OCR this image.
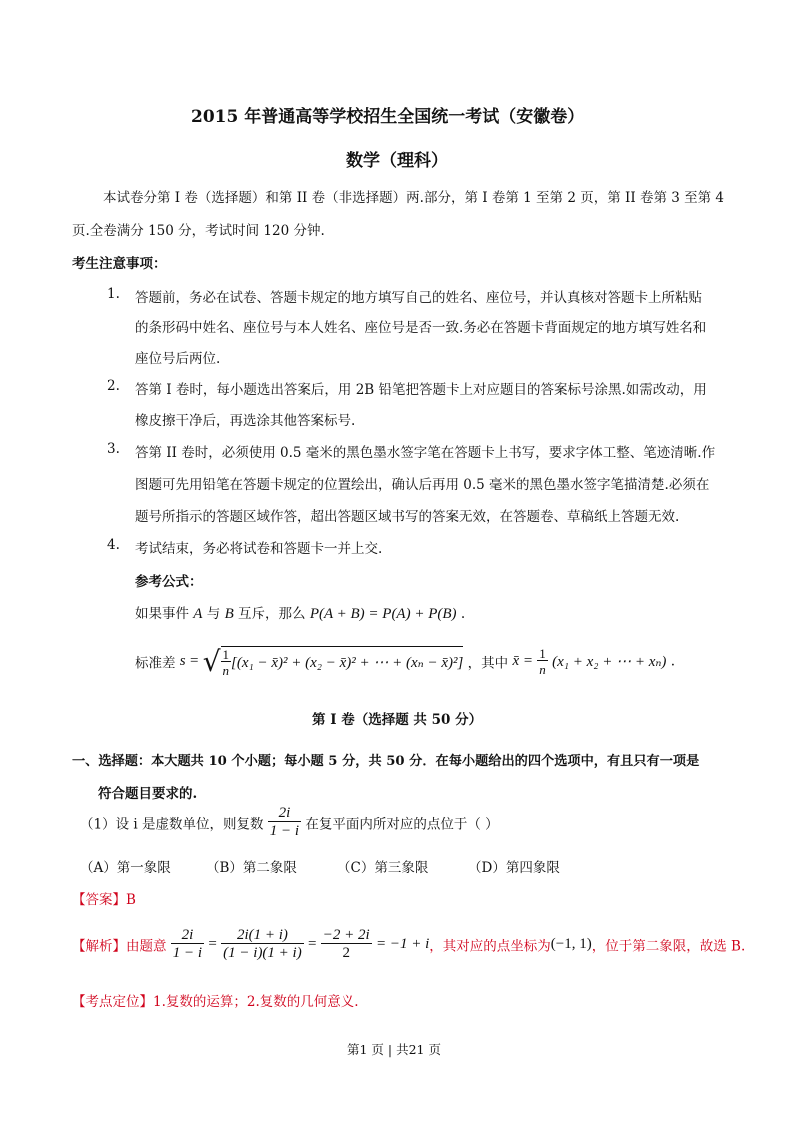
2015 年普通高等学校招生全国统一考试（安徽卷）
数学（理科）
本试卷分第 I 卷（选择题）和第 II 卷（非选择题）两.部分，第 I 卷第 1 至第 2 页，第 II 卷第 3 至第 4
页.全卷满分 150 分，考试时间 120 分钟.
考生注意事项：
1. 答题前，务必在试卷、答题卡规定的地方填写自己的姓名、座位号，并认真核对答题卡上所粘贴
的条形码中姓名、座位号与本人姓名、座位号是否一致.务必在答题卡背面规定的地方填写姓名和
座位号后两位.
2. 答第 I 卷时，每小题选出答案后，用 2B 铅笔把答题卡上对应题目的答案标号涂黑.如需改动，用
橡皮擦干净后，再选涂其他答案标号.
3. 答第 II 卷时，必须使用 0.5 毫米的黑色墨水签字笔在答题卡上书写，要求字体工整、笔迹清晰.作
图题可先用铅笔在答题卡规定的位置绘出，确认后再用 0.5 毫米的黑色墨水签字笔描清楚.必须在
题号所指示的答题区域作答，超出答题区域书写的答案无效，在答题卷、草稿纸上答题无效.
4. 考试结束，务必将试卷和答题卡一并上交.
参考公式：
如果事件 A 与 B 互斥，那么 P(A + B) = P(A) + P(B) .
标准差 s = √ $\frac{1}{n} [(x_1$ − x̄)² + (x₂ − x̄)² + ⋯ + (xₙ − x̄)²] ，其中 x̄ = $\frac{1}{n} (x_1 + x_2$ + ⋯ + xₙ) .
第 I 卷（选择题 共 50 分）
一、选择题：本大题共 10 个小题；每小题 5 分，共 50 分．在每小题给出的四个选项中，有且只有一项是
符合题目要求的.
（1）设 i 是虚数单位，则复数 $\frac{2i}{1 - i}$ 在复平面内所对应的点位于（ ）
（A）第一象限	（B）第二象限	（C）第三象限	（D）第四象限
【答案】B
【解析】由题意 $\frac{2i}{1 - i} = \frac{2i(1 + i)}{(1 - i)(1 + i)} = \frac{-2 + 2i}{2} = -1 + i$，其对应的点坐标为(−1, 1)，位于第二象限，故选 B.
【考点定位】1.复数的运算；2.复数的几何意义.
第1 页 | 共21 页
